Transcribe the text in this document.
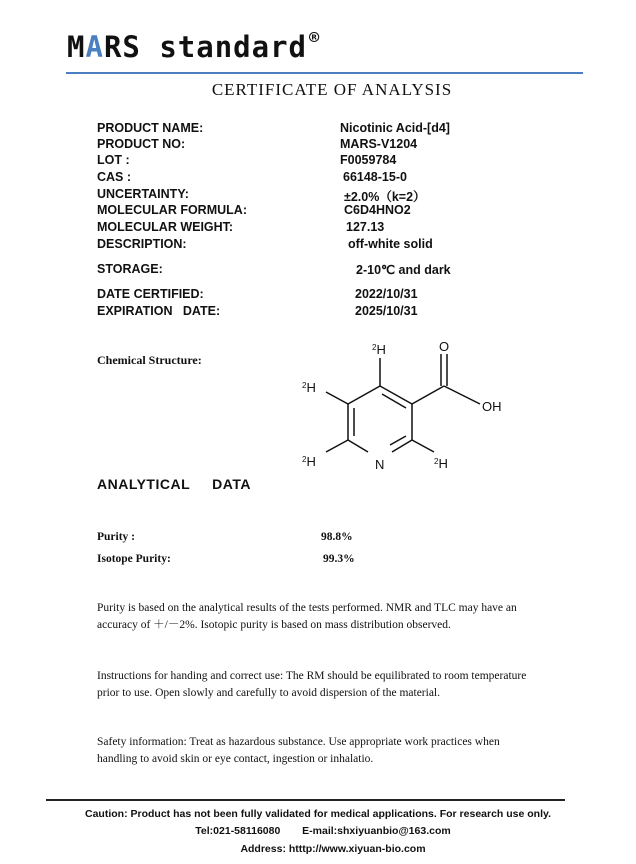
MARS standard ®
CERTIFICATE OF ANALYSIS
PRODUCT NAME:	Nicotinic Acid-[d4]
PRODUCT NO:	MARS-V1204
LOT :	F0059784
CAS :	66148-15-0
UNCERTAINTY:	±2.0%（k=2）
MOLECULAR FORMULA:	C6D4HNO2
MOLECULAR WEIGHT:	127.13
DESCRIPTION:	off-white solid
STORAGE:	2-10℃ and dark
DATE CERTIFIED:	2022/10/31
EXPIRATION   DATE:	2025/10/31
Chemical Structure:
$^2$H
$^2$H
$^2$H	$^2$H
N
O
OH
ANALYTICAL DATA
Purity :	98.8%
Isotope Purity:	99.3%
Purity is based on the analytical results of the tests performed. NMR and TLC may have an
accuracy of ＋/－2%. Isotopic purity is based on mass distribution observed.
Instructions for handing and correct use: The RM should be equilibrated to room temperature
prior to use. Open slowly and carefully to avoid dispersion of the material.
Safety information: Treat as hazardous substance. Use appropriate work practices when
handling to avoid skin or eye contact, ingestion or inhalatio.
Caution: Product has not been fully validated for medical applications. For research use only.
Tel:021-58116080 E-mail:shxiyuanbio@163.com
Address: htttp://www.xiyuan-bio.com
